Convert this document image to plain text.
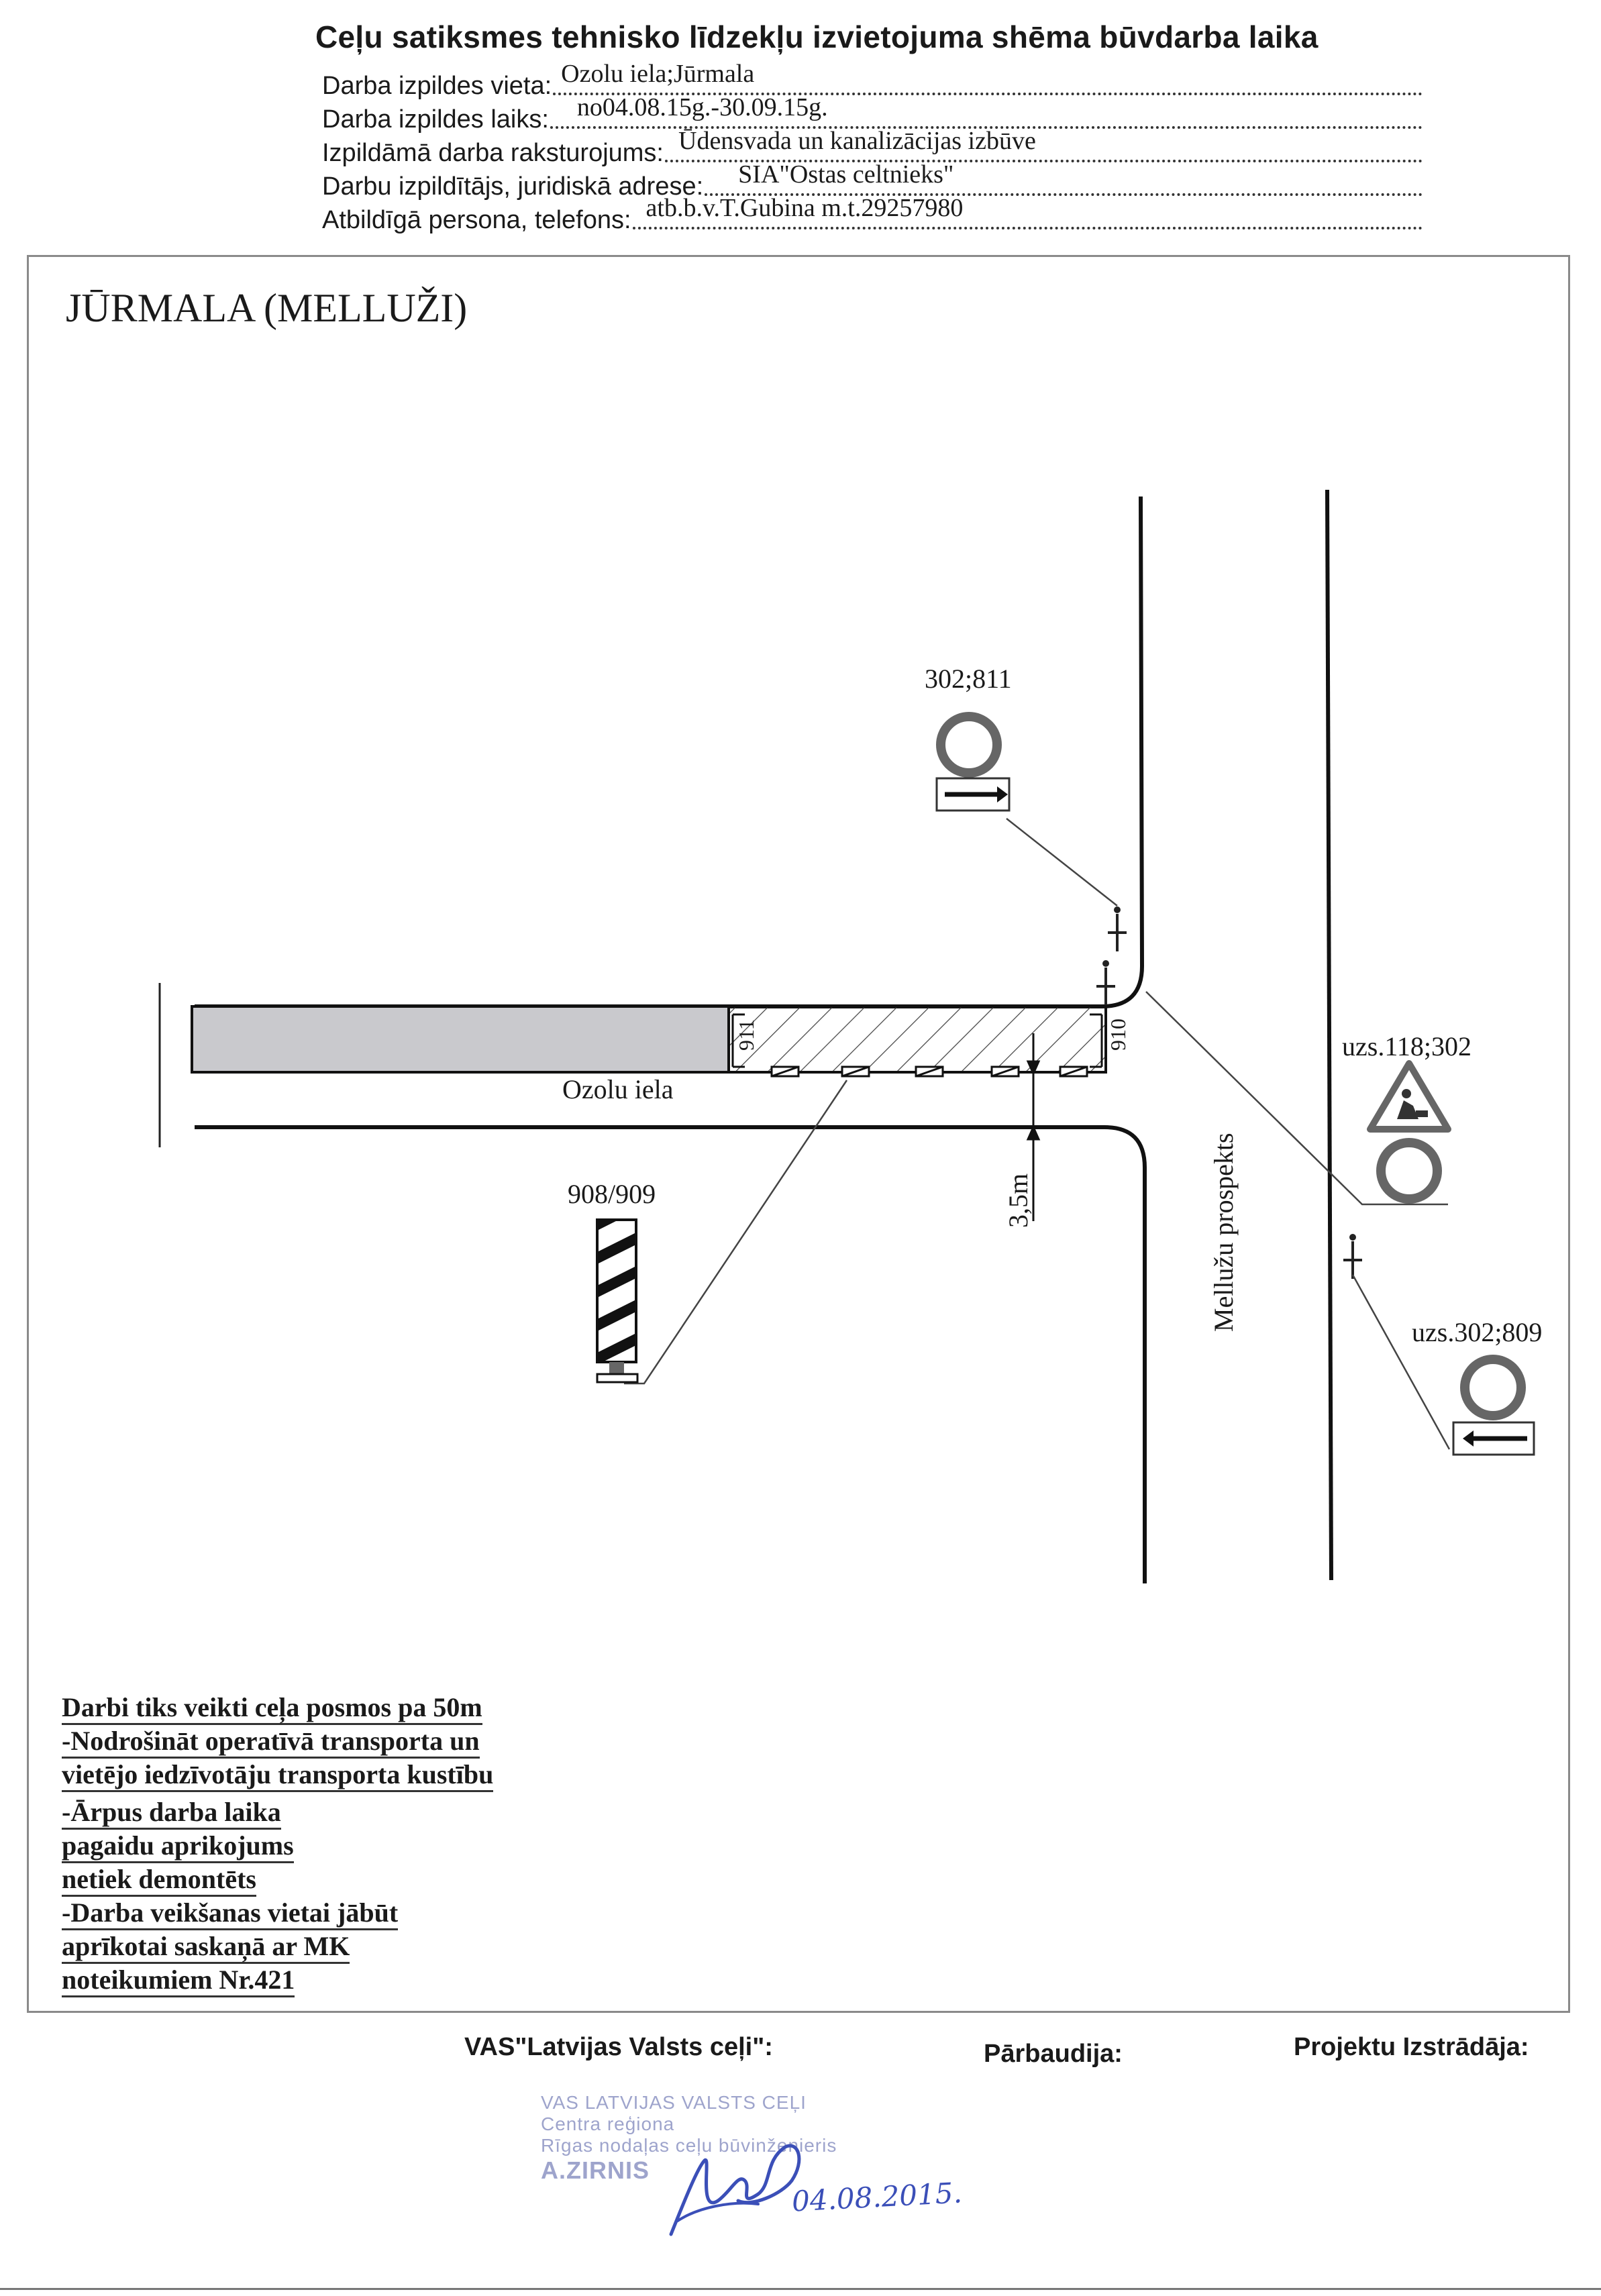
Ceļu satiksmes tehnisko līdzekļu izvietojuma shēma būvdarba laika
Darba izpildes vieta: Ozolu iela;Jūrmala
Darba izpildes laiks: no04.08.15g.-30.09.15g.
Izpildāmā darba raksturojums: Ūdensvada un kanalizācijas izbūve
Darbu izpildītājs, juridiskā adrese: SIA"Ostas celtnieks"
Atbildīgā persona, telefons: atb.b.v.T.Gubina m.t.29257980
JŪRMALA (MELLUŽI)
302;811
uzs.118;302
uzs.302;809
908/909
Ozolu iela
Mellužu prospekts
911	910
3,5m
Darbi tiks veikti ceļa posmos pa 50m
-Nodrošināt operatīvā transporta un
vietējo iedzīvotāju transporta kustību
-Ārpus darba laika
pagaidu aprikojums
netiek demontēts
-Darba veikšanas vietai jābūt
aprīkotai saskaņā ar MK
noteikumiem Nr.421
VAS"Latvijas Valsts ceļi":	Pārbaudija:	Projektu Izstrādāja:
VAS LATVIJAS VALSTS CEĻI
Centra reģiona
Rīgas nodaļas ceļu būvinženieris
A.ZIRNIS
04.08.2015.
